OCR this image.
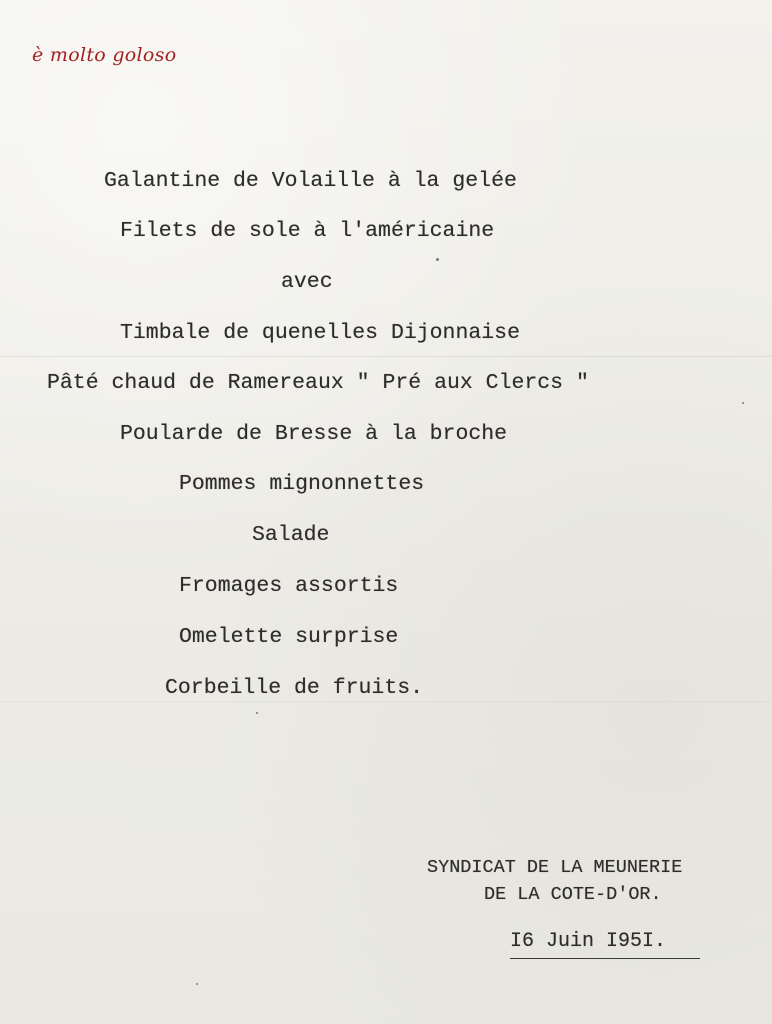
è molto goloso

Galantine de Volaille à la gelée

Filets de sole à l'américaine

avec

Timbale de quenelles Dijonnaise

Pâté chaud de Ramereaux " Pré aux Clercs "

Poularde de Bresse à la broche

Pommes mignonnettes

Salade

Fromages assortis

Omelette surprise

Corbeille de fruits.

SYNDICAT DE LA MEUNERIE

DE LA COTE-D'OR.

I6 Juin I95I.
